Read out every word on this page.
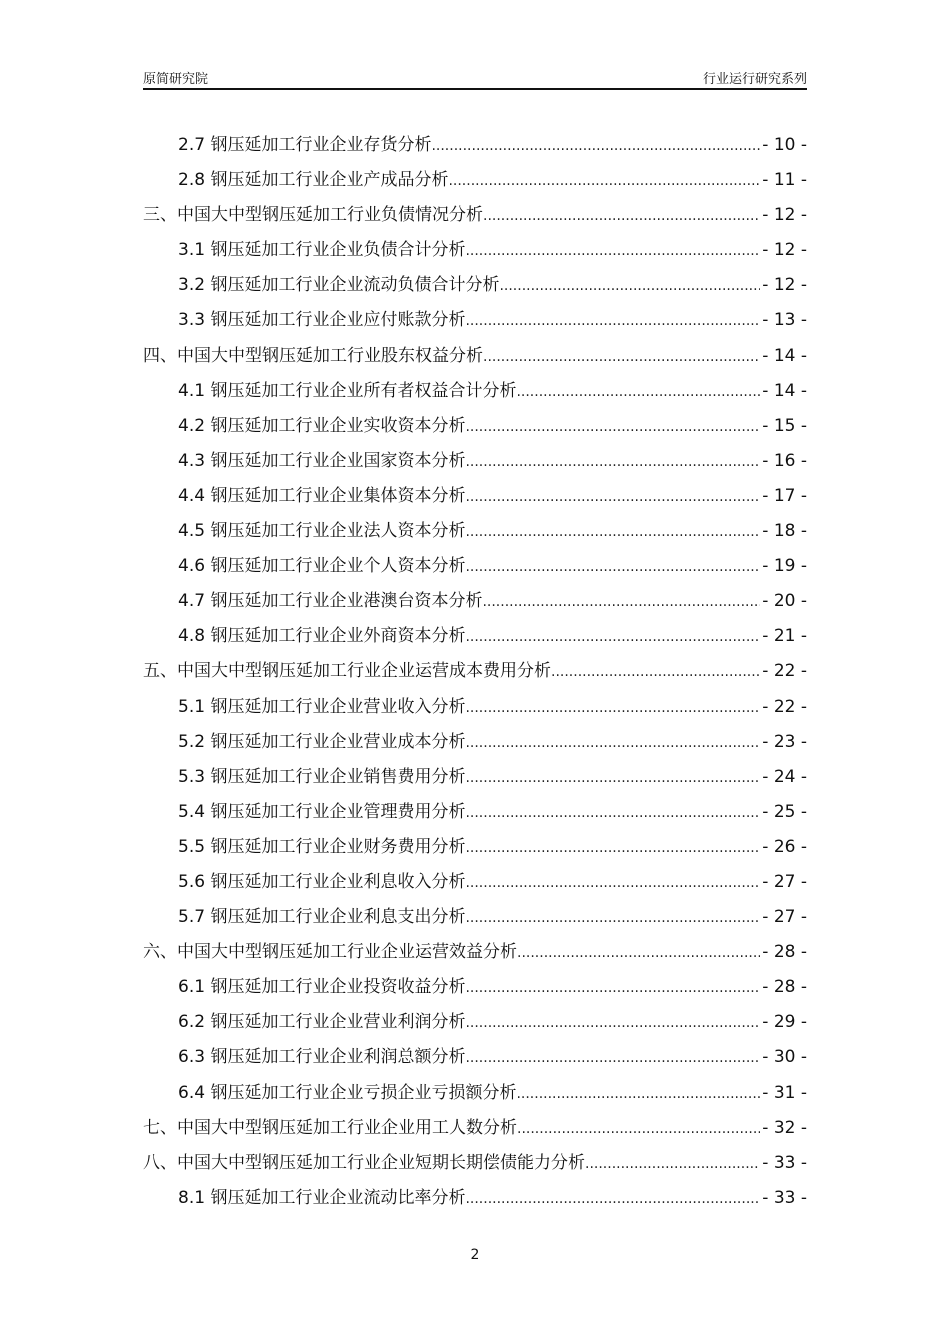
原简研究院	行业运行研究系列
2.7 钢压延加工行业企业存货分析 .....	- 10 -
2.8 钢压延加工行业企业产成品分析 .....	- 11 -
三、中国大中型钢压延加工行业负债情况分析 .....	- 12 -
3.1 钢压延加工行业企业负债合计分析 .....	- 12 -
3.2 钢压延加工行业企业流动负债合计分析 .....	- 12 -
3.3 钢压延加工行业企业应付账款分析 .....	- 13 -
四、中国大中型钢压延加工行业股东权益分析 .....	- 14 -
4.1 钢压延加工行业企业所有者权益合计分析 .....	- 14 -
4.2 钢压延加工行业企业实收资本分析 .....	- 15 -
4.3 钢压延加工行业企业国家资本分析 .....	- 16 -
4.4 钢压延加工行业企业集体资本分析 .....	- 17 -
4.5 钢压延加工行业企业法人资本分析 .....	- 18 -
4.6 钢压延加工行业企业个人资本分析 .....	- 19 -
4.7 钢压延加工行业企业港澳台资本分析 .....	- 20 -
4.8 钢压延加工行业企业外商资本分析 .....	- 21 -
五、中国大中型钢压延加工行业企业运营成本费用分析 .....	- 22 -
5.1 钢压延加工行业企业营业收入分析 .....	- 22 -
5.2 钢压延加工行业企业营业成本分析 .....	- 23 -
5.3 钢压延加工行业企业销售费用分析 .....	- 24 -
5.4 钢压延加工行业企业管理费用分析 .....	- 25 -
5.5 钢压延加工行业企业财务费用分析 .....	- 26 -
5.6 钢压延加工行业企业利息收入分析 .....	- 27 -
5.7 钢压延加工行业企业利息支出分析 .....	- 27 -
六、中国大中型钢压延加工行业企业运营效益分析 .....	- 28 -
6.1 钢压延加工行业企业投资收益分析 .....	- 28 -
6.2 钢压延加工行业企业营业利润分析 .....	- 29 -
6.3 钢压延加工行业企业利润总额分析 .....	- 30 -
6.4 钢压延加工行业企业亏损企业亏损额分析 .....	- 31 -
七、中国大中型钢压延加工行业企业用工人数分析 .....	- 32 -
八、中国大中型钢压延加工行业企业短期长期偿债能力分析 .....	- 33 -
8.1 钢压延加工行业企业流动比率分析 .....	- 33 -
2
